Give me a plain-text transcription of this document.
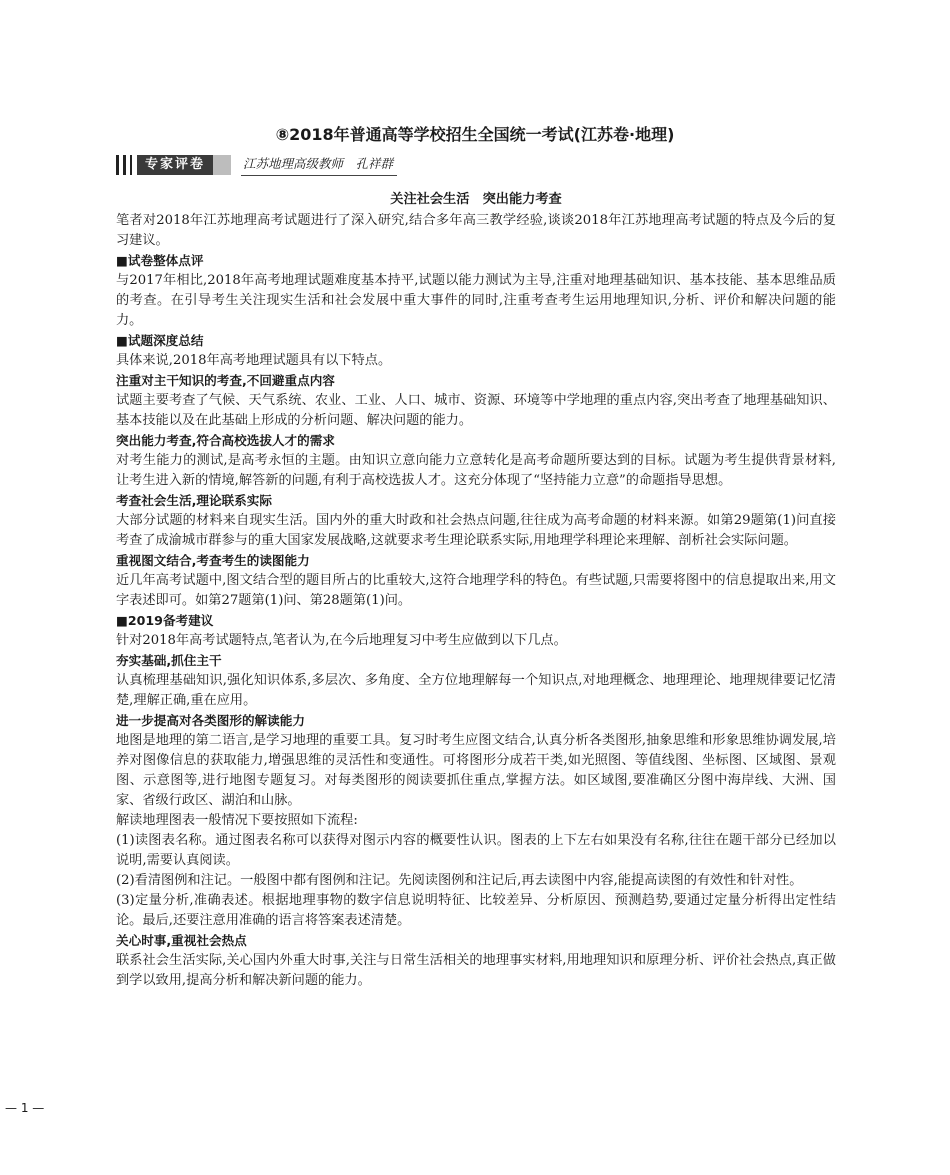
⑧2018年普通高等学校招生全国统一考试(江苏卷·地理)
专家评卷	江苏地理高级教师　孔祥群

关注社会生活　突出能力考查

笔者对2018年江苏地理高考试题进行了深入研究,结合多年高三教学经验,谈谈2018年江苏地理高考试题的特点及今后的复习建议。

■试卷整体点评

与2017年相比,2018年高考地理试题难度基本持平,试题以能力测试为主导,注重对地理基础知识、基本技能、基本思维品质的考查。在引导考生关注现实生活和社会发展中重大事件的同时,注重考查考生运用地理知识,分析、评价和解决问题的能力。

■试题深度总结

具体来说,2018年高考地理试题具有以下特点。

注重对主干知识的考查,不回避重点内容

试题主要考查了气候、天气系统、农业、工业、人口、城市、资源、环境等中学地理的重点内容,突出考查了地理基础知识、基本技能以及在此基础上形成的分析问题、解决问题的能力。

突出能力考查,符合高校选拔人才的需求

对考生能力的测试,是高考永恒的主题。由知识立意向能力立意转化是高考命题所要达到的目标。试题为考生提供背景材料,让考生进入新的情境,解答新的问题,有利于高校选拔人才。这充分体现了“坚持能力立意”的命题指导思想。

考查社会生活,理论联系实际

大部分试题的材料来自现实生活。国内外的重大时政和社会热点问题,往往成为高考命题的材料来源。如第29题第(1)问直接考查了成渝城市群参与的重大国家发展战略,这就要求考生理论联系实际,用地理学科理论来理解、剖析社会实际问题。

重视图文结合,考查考生的读图能力

近几年高考试题中,图文结合型的题目所占的比重较大,这符合地理学科的特色。有些试题,只需要将图中的信息提取出来,用文字表述即可。如第27题第(1)问、第28题第(1)问。

■2019备考建议

针对2018年高考试题特点,笔者认为,在今后地理复习中考生应做到以下几点。

夯实基础,抓住主干

认真梳理基础知识,强化知识体系,多层次、多角度、全方位地理解每一个知识点,对地理概念、地理理论、地理规律要记忆清楚,理解正确,重在应用。

进一步提高对各类图形的解读能力

地图是地理的第二语言,是学习地理的重要工具。复习时考生应图文结合,认真分析各类图形,抽象思维和形象思维协调发展,培养对图像信息的获取能力,增强思维的灵活性和变通性。可将图形分成若干类,如光照图、等值线图、坐标图、区域图、景观图、示意图等,进行地图专题复习。对每类图形的阅读要抓住重点,掌握方法。如区域图,要准确区分图中海岸线、大洲、国家、省级行政区、湖泊和山脉。

解读地理图表一般情况下要按照如下流程:

(1)读图表名称。通过图表名称可以获得对图示内容的概要性认识。图表的上下左右如果没有名称,往往在题干部分已经加以说明,需要认真阅读。

(2)看清图例和注记。一般图中都有图例和注记。先阅读图例和注记后,再去读图中内容,能提高读图的有效性和针对性。

(3)定量分析,准确表述。根据地理事物的数字信息说明特征、比较差异、分析原因、预测趋势,要通过定量分析得出定性结论。最后,还要注意用准确的语言将答案表述清楚。

关心时事,重视社会热点

联系社会生活实际,关心国内外重大时事,关注与日常生活相关的地理事实材料,用地理知识和原理分析、评价社会热点,真正做到学以致用,提高分析和解决新问题的能力。

— 1 —
